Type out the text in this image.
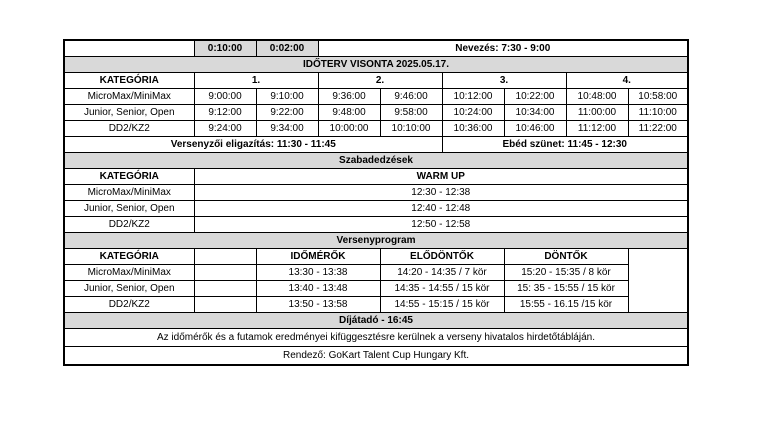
	0:10:00	0:02:00	Nevezés: 7:30 - 9:00					
IDŐTERV VISONTA 2025.05.17.								
KATEGÓRIA	1.		2.		3.		4.	
MicroMax/MiniMax	9:00:00	9:10:00	9:36:00	9:46:00	10:12:00	10:22:00	10:48:00	10:58:00
Junior, Senior, Open	9:12:00	9:22:00	9:48:00	9:58:00	10:24:00	10:34:00	11:00:00	11:10:00
DD2/KZ2	9:24:00	9:34:00	10:00:00	10:10:00	10:36:00	10:46:00	11:12:00	11:22:00
Versenyzői eligazítás: 11:30 - 11:45					Ebéd szünet: 11:45 - 12:30			
Szabadedzések								
KATEGÓRIA	WARM UP							
MicroMax/MiniMax	12:30 - 12:38							
Junior, Senior, Open	12:40 - 12:48							
DD2/KZ2	12:50 - 12:58							
Versenyprogram								
KATEGÓRIA		IDŐMÉRŐK		ELŐDÖNTŐK		DÖNTŐK		
MicroMax/MiniMax		13:30 - 13:38		14:20 - 14:35 / 7 kör		15:20 - 15:35 / 8 kör		
Junior, Senior, Open		13:40 - 13:48		14:35 - 14:55 / 15 kör		15: 35 - 15:55 / 15 kör		
DD2/KZ2		13:50 - 13:58		14:55 - 15:15 / 15 kör		15:55 - 16.15 /15 kör		
Díjátadó - 16:45								
Az időmérők és a futamok eredményei kifüggesztésre kerülnek a verseny hivatalos hirdetőtábláján.								
Rendező: GoKart Talent Cup Hungary Kft.								
